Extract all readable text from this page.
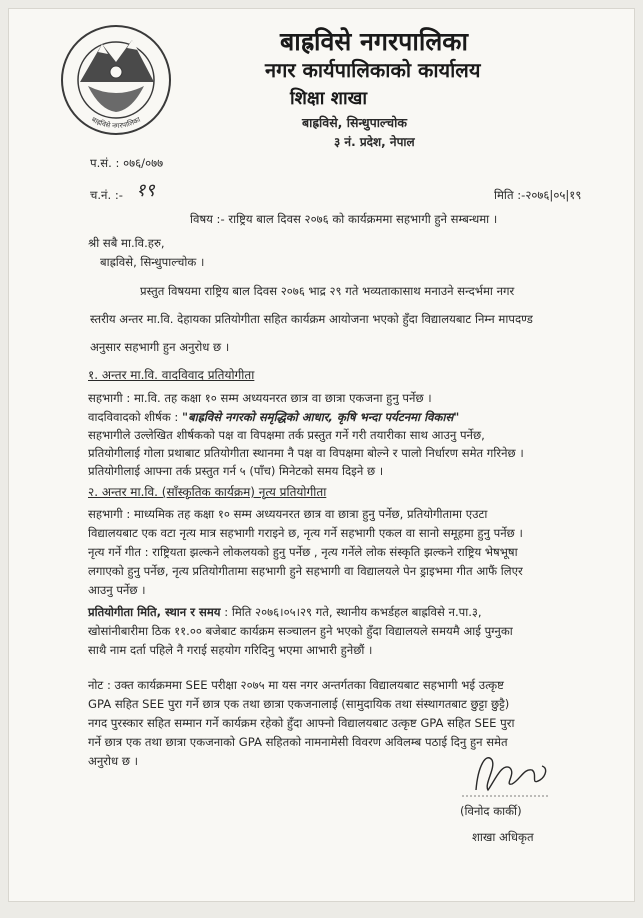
बाह्रविसे नगरपालिका
बाह्रविसे नगरपालिका
नगर कार्यपालिकाको कार्यालय
शिक्षा शाखा
बाह्रविसे, सिन्धुपाल्चोक
३ नं. प्रदेश, नेपाल
प.सं. : ०७६/०७७
च.नं. :- १९	मिति :-२०७६|०५|१९
विषय :- राष्ट्रिय बाल दिवस २०७६ को कार्यक्रममा सहभागी हुने सम्बन्धमा ।
श्री सबै मा.वि.हरु,
बाह्रविसे, सिन्धुपाल्चोक ।
प्रस्तुत विषयमा राष्ट्रिय बाल दिवस २०७६ भाद्र २९ गते भव्यताकासाथ मनाउने सन्दर्भमा नगर
स्तरीय अन्तर मा.वि. देहायका प्रतियोगीता सहित कार्यक्रम आयोजना भएको हुँदा विद्यालयबाट निम्न मापदण्ड
अनुसार सहभागी हुन अनुरोध छ ।
१. अन्तर मा.वि. वादविवाद प्रतियोगीता
सहभागी : मा.वि. तह कक्षा १० सम्म अध्ययनरत छात्र वा छात्रा एकजना हुनु पर्नेछ ।
वादविवादको शीर्षक : "बाह्रविसे नगरको समृद्धिको आधार, कृषि भन्दा पर्यटनमा विकास"
सहभागीले उल्लेखित शीर्षकको पक्ष वा विपक्षमा तर्क प्रस्तुत गर्ने गरी तयारीका साथ आउनु पर्नेछ,
प्रतियोगीलाई गोला प्रथाबाट प्रतियोगीता स्थानमा नै पक्ष वा विपक्षमा बोल्ने र पालो निर्धारण समेत गरिनेछ ।
प्रतियोगीलाई आफ्ना तर्क प्रस्तुत गर्न ५ (पाँच) मिनेटको समय दिइने छ ।
२. अन्तर मा.वि. (साँस्कृतिक कार्यक्रम) नृत्य प्रतियोगीता
सहभागी : माध्यमिक तह कक्षा १० सम्म अध्ययनरत छात्र वा छात्रा हुनु पर्नेछ, प्रतियोगीतामा एउटा
विद्यालयबाट एक वटा नृत्य मात्र सहभागी गराइने छ, नृत्य गर्ने सहभागी एकल वा सानो समूहमा हुनु पर्नेछ ।
नृत्य गर्ने गीत : राष्ट्रियता झल्कने लोकलयको हुनु पर्नेछ , नृत्य गर्नेले लोक संस्कृति झल्कने राष्ट्रिय भेषभूषा
लगाएको हुनु पर्नेछ, नृत्य प्रतियोगीतामा सहभागी हुने सहभागी वा विद्यालयले पेन ड्राइभमा गीत आफैं लिएर
आउनु पर्नेछ ।
प्रतियोगीता मिति, स्थान र समय : मिति २०७६।०५।२९ गते, स्थानीय कभर्डहल बाह्रविसे न.पा.३,
खोसांनीबारीमा ठिक ११.०० बजेबाट कार्यक्रम सञ्चालन हुने भएको हुँदा विद्यालयले समयमै आई पुग्नुका
साथै नाम दर्ता पहिले नै गराई सहयोग गरिदिनु भएमा आभारी हुनेछौं ।
नोट : उक्त कार्यक्रममा SEE परीक्षा २०७५ मा यस नगर अन्तर्गतका विद्यालयबाट सहभागी भई उत्कृष्ट
GPA सहित SEE पुरा गर्ने छात्र एक तथा छात्रा एकजनालाई (सामुदायिक तथा संस्थागतबाट छुट्टा छुट्टै)
नगद पुरस्कार सहित सम्मान गर्ने कार्यक्रम रहेको हुँदा आफ्नो विद्यालयबाट उत्कृष्ट GPA सहित SEE पुरा
गर्ने छात्र एक तथा छात्रा एकजनाको GPA सहितको नामनामेसी विवरण अविलम्ब पठाई दिनु हुन समेत
अनुरोध छ ।
(विनोद कार्की)
शाखा अधिकृत
